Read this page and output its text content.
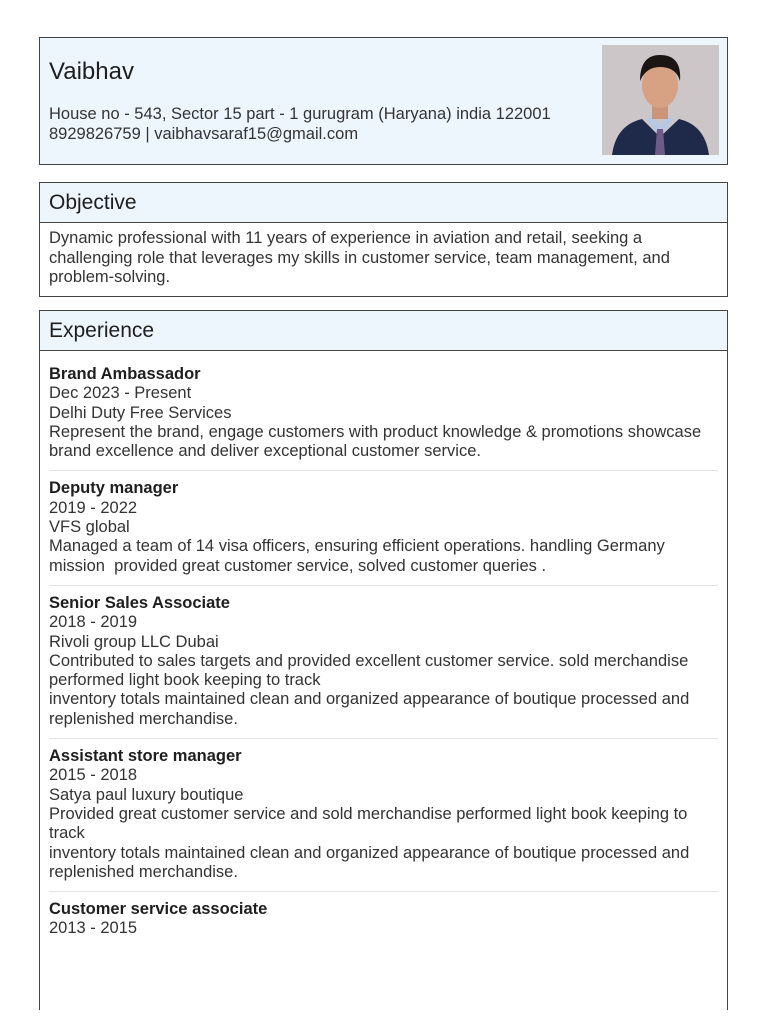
Vaibhav
House no - 543, Sector 15 part - 1 gurugram (Haryana) india 122001
8929826759 | vaibhavsaraf15@gmail.com
Objective
Dynamic professional with 11 years of experience in aviation and retail, seeking a challenging role that leverages my skills in customer service, team management, and problem-solving.
Experience
Brand Ambassador
Dec 2023 - Present
Delhi Duty Free Services
Represent the brand, engage customers with product knowledge & promotions showcase brand excellence and deliver exceptional customer service.
Deputy manager
2019 - 2022
VFS global
Managed a team of 14 visa officers, ensuring efficient operations. handling Germany mission  provided great customer service, solved customer queries .
Senior Sales Associate
2018 - 2019
Rivoli group LLC Dubai
Contributed to sales targets and provided excellent customer service. sold merchandise performed light book keeping to track
inventory totals maintained clean and organized appearance of boutique processed and
replenished merchandise.
Assistant store manager
2015 - 2018
Satya paul luxury boutique
Provided great customer service and sold merchandise performed light book keeping to track
inventory totals maintained clean and organized appearance of boutique processed and
replenished merchandise.
Customer service associate
2013 - 2015
